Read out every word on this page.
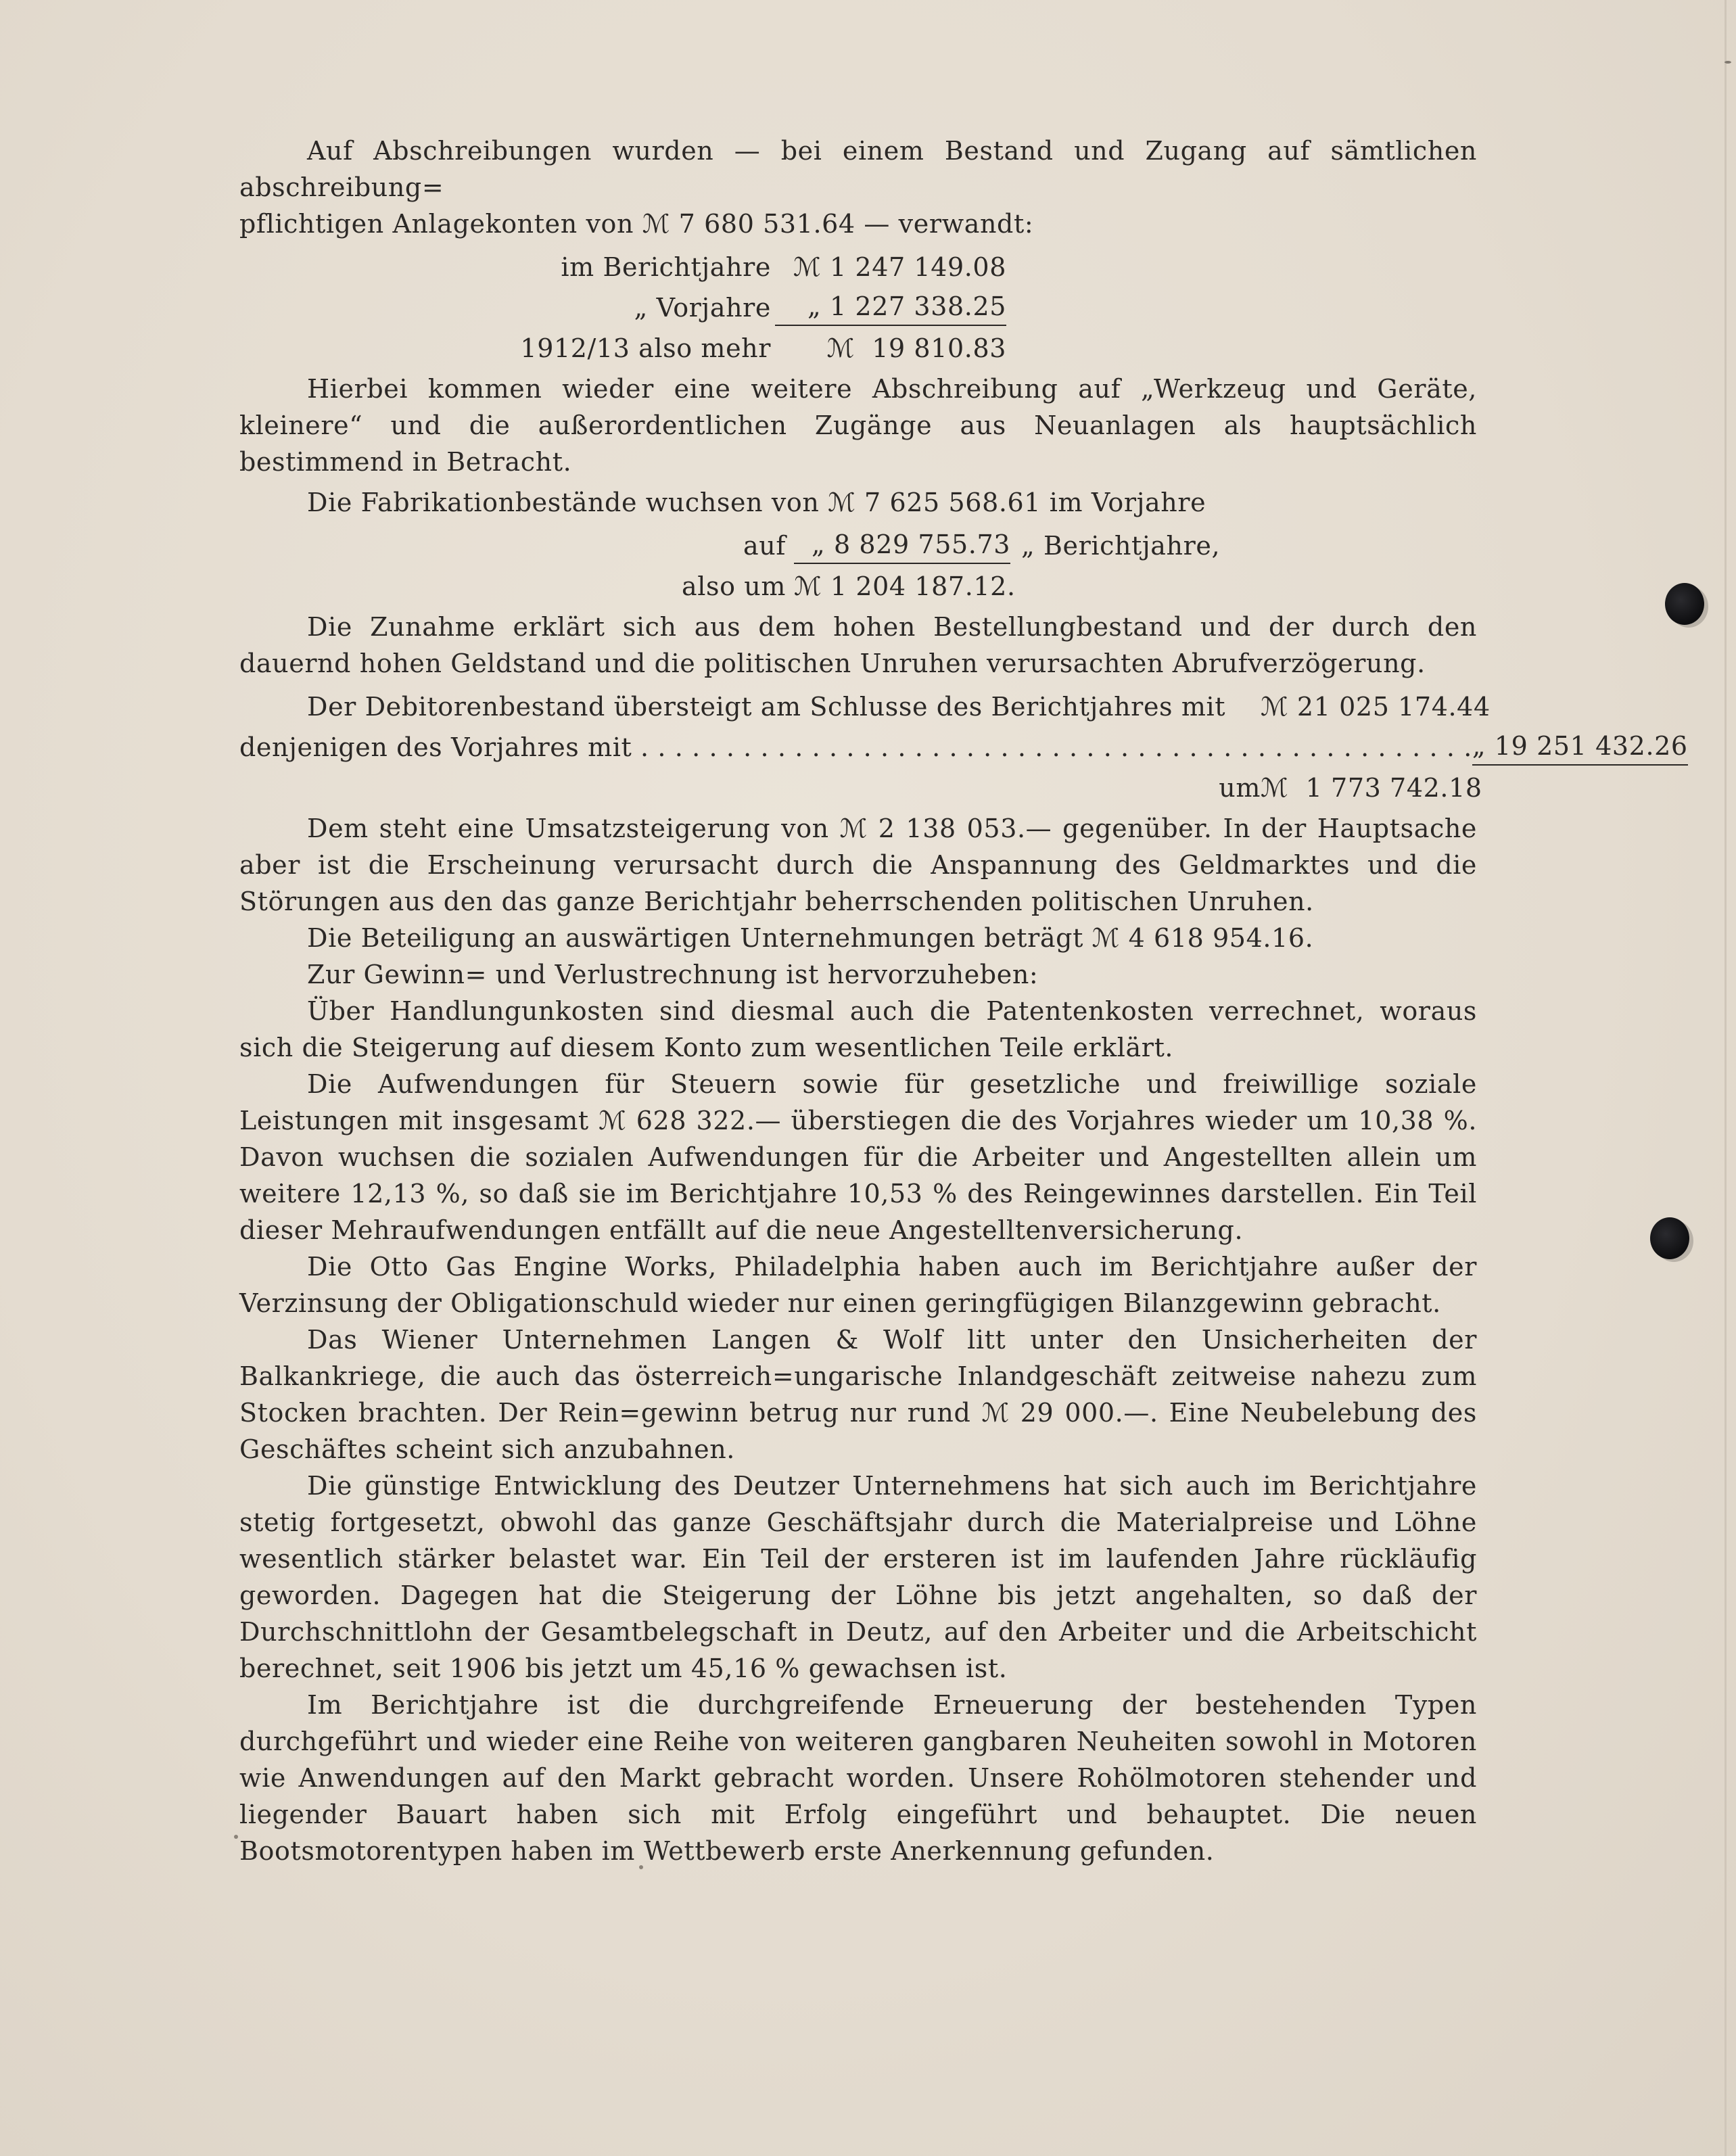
Auf Abschreibungen wurden — bei einem Bestand und Zugang auf sämtlichen abschreibung=

pflichtigen Anlagekonten von ℳ 7 680 531.64 — verwandt:

im Berichtjahre ℳ 1 247 149.08
„ Vorjahre	„ 1 227 338.25
1912/13 also mehr	ℳ  19 810.83

Hierbei kommen wieder eine weitere Abschreibung auf „Werkzeug und Geräte, kleinere“ und die außerordentlichen Zugänge aus Neuanlagen als hauptsächlich bestimmend in Betracht.

Die Fabrikationbestände wuchsen von ℳ 7 625 568.61 im Vorjahre

auf	„ 8 829 755.73 „ Berichtjahre,
also um ℳ 1 204 187.12.

Die Zunahme erklärt sich aus dem hohen Bestellungbestand und der durch den dauernd hohen Geldstand und die politischen Unruhen verursachten Abrufverzögerung.

Der Debitorenbestand übersteigt am Schlusse des Berichtjahres mit	ℳ 21 025 174.44
denjenigen des Vorjahres mit . . . . . . . . . . . . . . . . . . . . . . . . . . . . . . . . . . . . . . . . . . . . . . . . . „ 19 251 432.26
um ℳ  1 773 742.18

Dem steht eine Umsatzsteigerung von ℳ 2 138 053.— gegenüber. In der Hauptsache aber ist die Erscheinung verursacht durch die Anspannung des Geldmarktes und die Störungen aus den das ganze Berichtjahr beherrschenden politischen Unruhen.

Die Beteiligung an auswärtigen Unternehmungen beträgt ℳ 4 618 954.16.

Zur Gewinn= und Verlustrechnung ist hervorzuheben:

Über Handlungunkosten sind diesmal auch die Patentenkosten verrechnet, woraus sich die Steigerung auf diesem Konto zum wesentlichen Teile erklärt.

Die Aufwendungen für Steuern sowie für gesetzliche und freiwillige soziale Leistungen mit insgesamt ℳ 628 322.— überstiegen die des Vorjahres wieder um 10,38 %. Davon wuchsen die sozialen Aufwendungen für die Arbeiter und Angestellten allein um weitere 12,13 %, so daß sie im Berichtjahre 10,53 % des Reingewinnes darstellen. Ein Teil dieser Mehraufwendungen entfällt auf die neue Angestelltenversicherung.

Die Otto Gas Engine Works, Philadelphia haben auch im Berichtjahre außer der Verzinsung der Obligationschuld wieder nur einen geringfügigen Bilanzgewinn gebracht.

Das Wiener Unternehmen Langen & Wolf litt unter den Unsicherheiten der Balkankriege, die auch das österreich=ungarische Inlandgeschäft zeitweise nahezu zum Stocken brachten. Der Rein=gewinn betrug nur rund ℳ 29 000.—. Eine Neubelebung des Geschäftes scheint sich anzubahnen.

Die günstige Entwicklung des Deutzer Unternehmens hat sich auch im Berichtjahre stetig fortgesetzt, obwohl das ganze Geschäftsjahr durch die Materialpreise und Löhne wesentlich stärker belastet war. Ein Teil der ersteren ist im laufenden Jahre rückläufig geworden. Dagegen hat die Steigerung der Löhne bis jetzt angehalten, so daß der Durchschnittlohn der Gesamtbelegschaft in Deutz, auf den Arbeiter und die Arbeitschicht berechnet, seit 1906 bis jetzt um 45,16 % gewachsen ist.

Im Berichtjahre ist die durchgreifende Erneuerung der bestehenden Typen durchgeführt und wieder eine Reihe von weiteren gangbaren Neuheiten sowohl in Motoren wie Anwendungen auf den Markt gebracht worden. Unsere Rohölmotoren stehender und liegender Bauart haben sich mit Erfolg eingeführt und behauptet. Die neuen Bootsmotorentypen haben im Wettbewerb erste Anerkennung gefunden.
